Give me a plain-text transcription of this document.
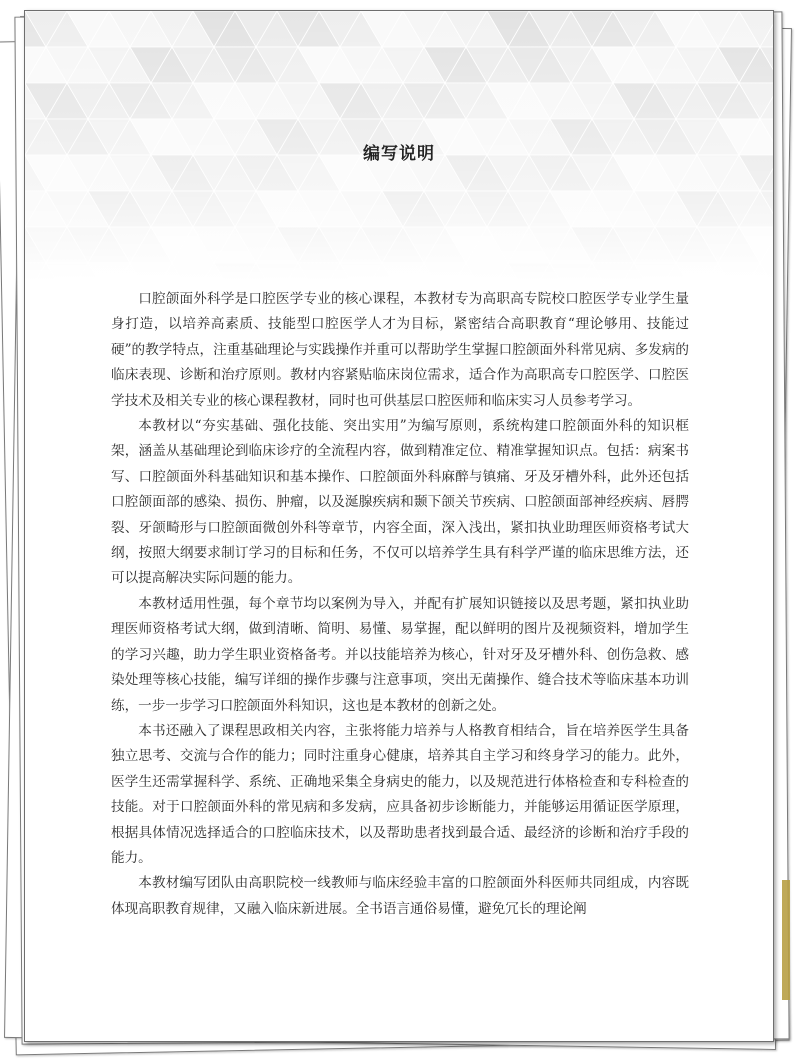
编写说明

口腔颌面外科学是口腔医学专业的核心课程，本教材专为高职高专院校口腔医学专业学生量身打造，以培养高素质、技能型口腔医学人才为目标，紧密结合高职教育“理论够用、技能过硬”的教学特点，注重基础理论与实践操作并重可以帮助学生掌握口腔颌面外科常见病、多发病的临床表现、诊断和治疗原则。教材内容紧贴临床岗位需求，适合作为高职高专口腔医学、口腔医学技术及相关专业的核心课程教材，同时也可供基层口腔医师和临床实习人员参考学习。

本教材以“夯实基础、强化技能、突出实用”为编写原则，系统构建口腔颌面外科的知识框架，涵盖从基础理论到临床诊疗的全流程内容，做到精准定位、精准掌握知识点。包括：病案书写、口腔颌面外科基础知识和基本操作、口腔颌面外科麻醉与镇痛、牙及牙槽外科，此外还包括口腔颌面部的感染、损伤、肿瘤，以及涎腺疾病和颞下颌关节疾病、口腔颌面部神经疾病、唇腭裂、牙颌畸形与口腔颌面微创外科等章节，内容全面，深入浅出，紧扣执业助理医师资格考试大纲，按照大纲要求制订学习的目标和任务，不仅可以培养学生具有科学严谨的临床思维方法，还可以提高解决实际问题的能力。

本教材适用性强，每个章节均以案例为导入，并配有扩展知识链接以及思考题，紧扣执业助理医师资格考试大纲，做到清晰、简明、易懂、易掌握，配以鲜明的图片及视频资料，增加学生的学习兴趣，助力学生职业资格备考。并以技能培养为核心，针对牙及牙槽外科、创伤急救、感染处理等核心技能，编写详细的操作步骤与注意事项，突出无菌操作、缝合技术等临床基本功训练，一步一步学习口腔颌面外科知识，这也是本教材的创新之处。

本书还融入了课程思政相关内容，主张将能力培养与人格教育相结合，旨在培养医学生具备独立思考、交流与合作的能力；同时注重身心健康，培养其自主学习和终身学习的能力。此外，医学生还需掌握科学、系统、正确地采集全身病史的能力，以及规范进行体格检查和专科检查的技能。对于口腔颌面外科的常见病和多发病，应具备初步诊断能力，并能够运用循证医学原理，根据具体情况选择适合的口腔临床技术，以及帮助患者找到最合适、最经济的诊断和治疗手段的能力。

本教材编写团队由高职院校一线教师与临床经验丰富的口腔颌面外科医师共同组成，内容既体现高职教育规律，又融入临床新进展。全书语言通俗易懂，避免冗长的理论阐
